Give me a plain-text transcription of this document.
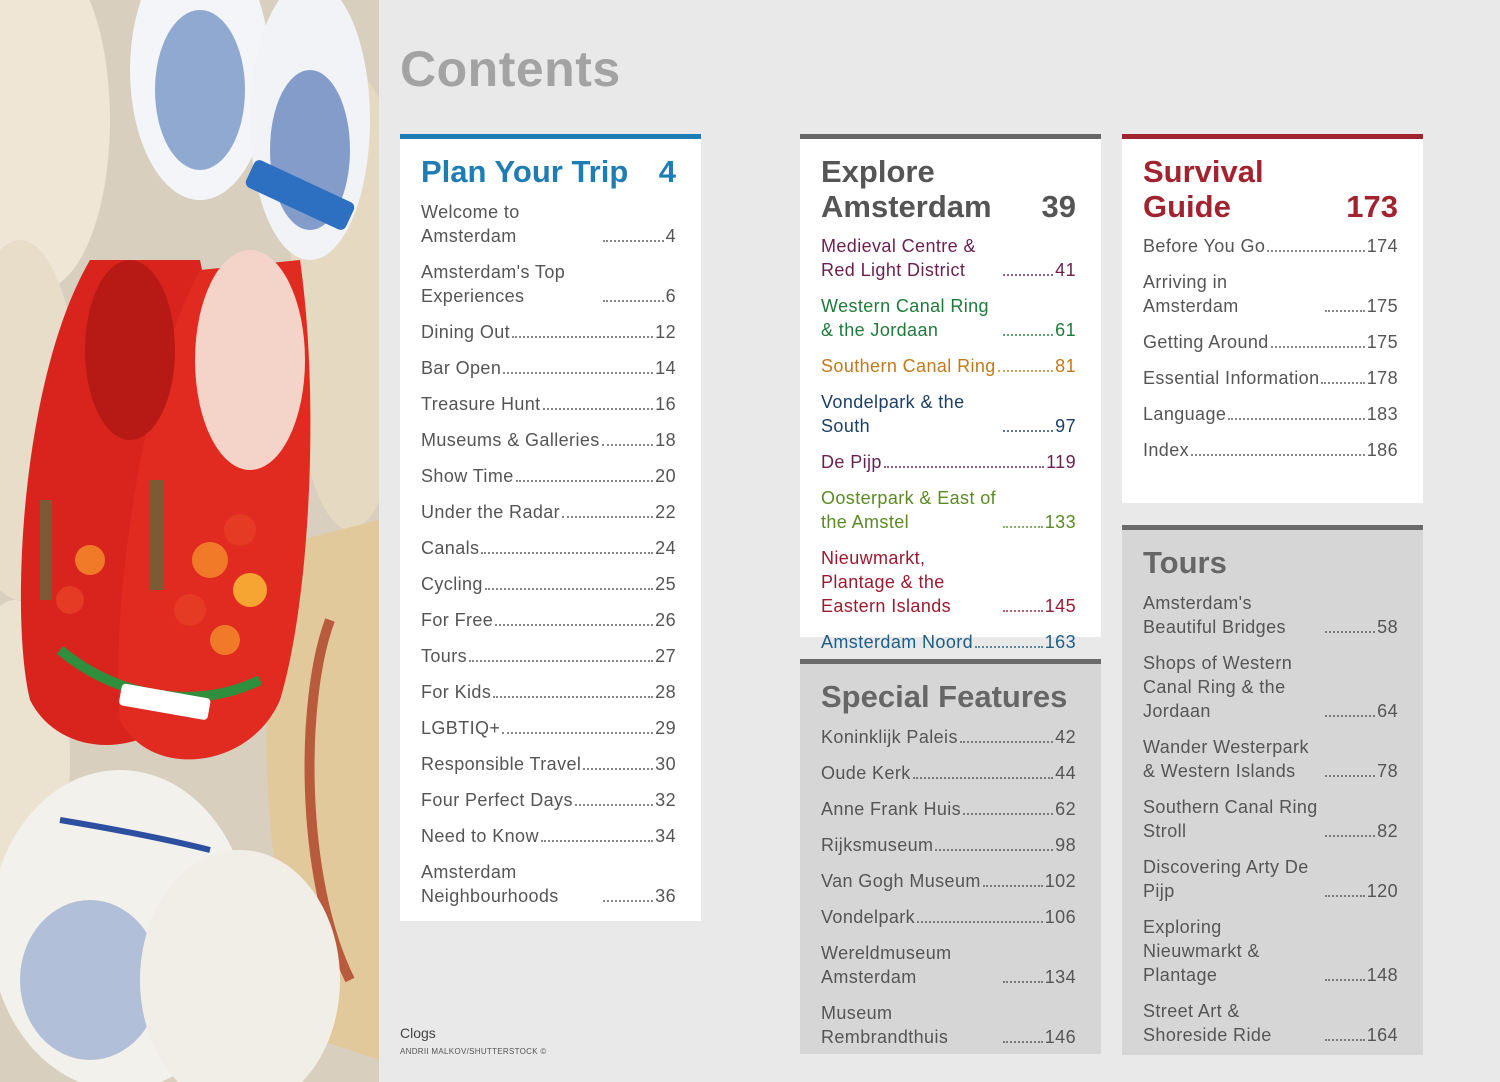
Contents
Plan Your Trip 4
Welcome to Amsterdam	4
Amsterdam's Top Experiences	6
Dining Out	12
Bar Open	14
Treasure Hunt	16
Museums & Galleries	18
Show Time	20
Under the Radar	22
Canals	24
Cycling	25
For Free	26
Tours	27
For Kids	28
LGBTIQ+	29
Responsible Travel	30
Four Perfect Days	32
Need to Know	34
Amsterdam Neighbourhoods	36
Explore Amsterdam	39
Medieval Centre & Red Light District	41
Western Canal Ring & the Jordaan	61
Southern Canal Ring	81
Vondelpark & the South	97
De Pijp	119
Oosterpark & East of the Amstel	133
Nieuwmarkt, Plantage & the Eastern Islands	145
Amsterdam Noord	163
Special Features
Koninklijk Paleis	42
Oude Kerk	44
Anne Frank Huis	62
Rijksmuseum	98
Van Gogh Museum	102
Vondelpark	106
Wereldmuseum Amsterdam	134
Museum Rembrandthuis	146
Survival Guide	173
Before You Go	174
Arriving in Amsterdam	175
Getting Around	175
Essential Information	178
Language	183
Index	186
Tours
Amsterdam's Beautiful Bridges	58
Shops of Western Canal Ring & the Jordaan	64
Wander Westerpark & Western Islands	78
Southern Canal Ring Stroll	82
Discovering Arty De Pijp	120
Exploring Nieuwmarkt & Plantage	148
Street Art & Shoreside Ride	164
Clogs
ANDRII MALKOV/SHUTTERSTOCK ©
